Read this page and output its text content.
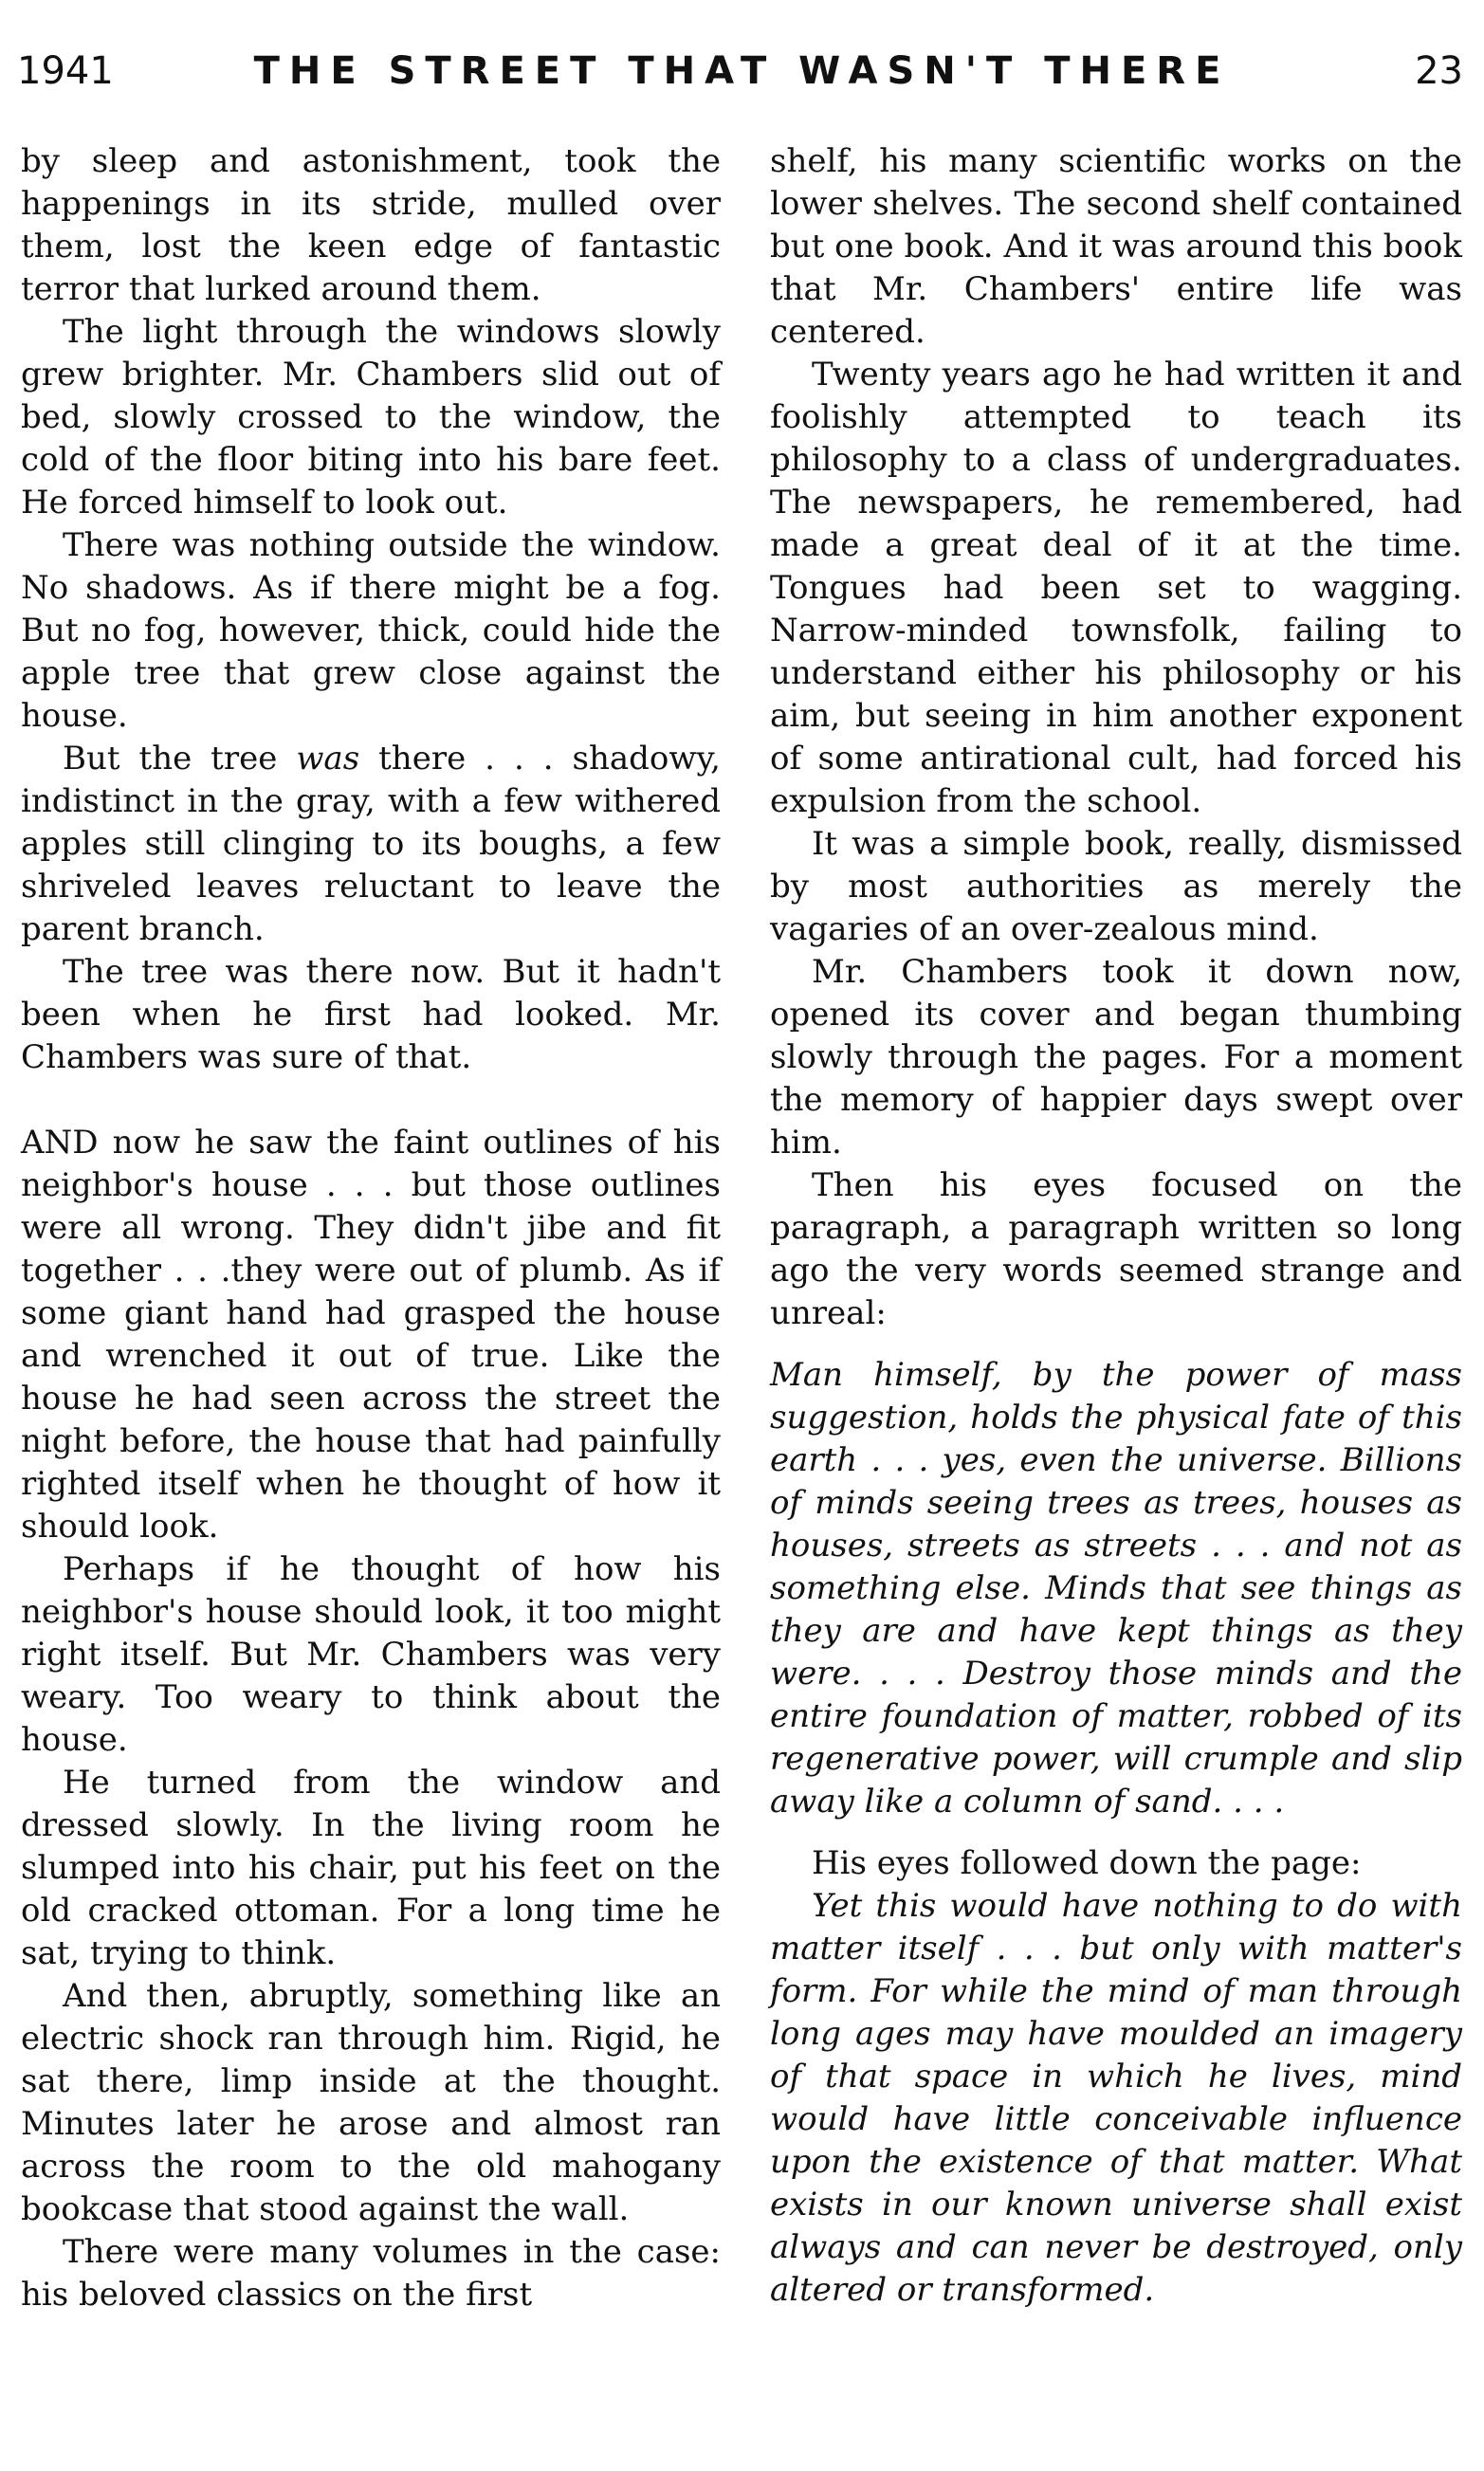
1941	THE STREET THAT WASN'T THERE	23

by sleep and astonishment, took the happenings in its stride, mulled over them, lost the keen edge of fantastic terror that lurked around them.

The light through the windows slowly grew brighter. Mr. Chambers slid out of bed, slowly crossed to the window, the cold of the floor biting into his bare feet. He forced himself to look out.

There was nothing outside the window. No shadows. As if there might be a fog. But no fog, however, thick, could hide the apple tree that grew close against the house.

But the tree was there . . . shadowy, indistinct in the gray, with a few withered apples still clinging to its boughs, a few shriveled leaves reluctant to leave the parent branch.

The tree was there now. But it hadn't been when he first had looked. Mr. Chambers was sure of that.

AND now he saw the faint outlines of his neighbor's house . . . but those outlines were all wrong. They didn't jibe and fit together . . .they were out of plumb. As if some giant hand had grasped the house and wrenched it out of true. Like the house he had seen across the street the night before, the house that had painfully righted itself when he thought of how it should look.

Perhaps if he thought of how his neighbor's house should look, it too might right itself. But Mr. Chambers was very weary. Too weary to think about the house.

He turned from the window and dressed slowly. In the living room he slumped into his chair, put his feet on the old cracked ottoman. For a long time he sat, trying to think.

And then, abruptly, something like an electric shock ran through him. Rigid, he sat there, limp inside at the thought. Minutes later he arose and almost ran across the room to the old mahogany bookcase that stood against the wall.

There were many volumes in the case: his beloved classics on the first

shelf, his many scientific works on the lower shelves. The second shelf contained but one book. And it was around this book that Mr. Chambers' entire life was centered.

Twenty years ago he had written it and foolishly attempted to teach its philosophy to a class of undergraduates. The newspapers, he remembered, had made a great deal of it at the time. Tongues had been set to wagging. Narrow-minded townsfolk, failing to understand either his philosophy or his aim, but seeing in him another exponent of some antirational cult, had forced his expulsion from the school.

It was a simple book, really, dismissed by most authorities as merely the vagaries of an over-zealous mind.

Mr. Chambers took it down now, opened its cover and began thumbing slowly through the pages. For a moment the memory of happier days swept over him.

Then his eyes focused on the paragraph, a paragraph written so long ago the very words seemed strange and unreal:

Man himself, by the power of mass suggestion, holds the physical fate of this earth . . . yes, even the universe. Billions of minds seeing trees as trees, houses as houses, streets as streets . . . and not as something else. Minds that see things as they are and have kept things as they were. . . . Destroy those minds and the entire foundation of matter, robbed of its regenerative power, will crumple and slip away like a column of sand. . . .

His eyes followed down the page:

Yet this would have nothing to do with matter itself . . . but only with matter's form. For while the mind of man through long ages may have moulded an imagery of that space in which he lives, mind would have little conceivable influence upon the existence of that matter. What exists in our known universe shall exist always and can never be destroyed, only altered or transformed.
